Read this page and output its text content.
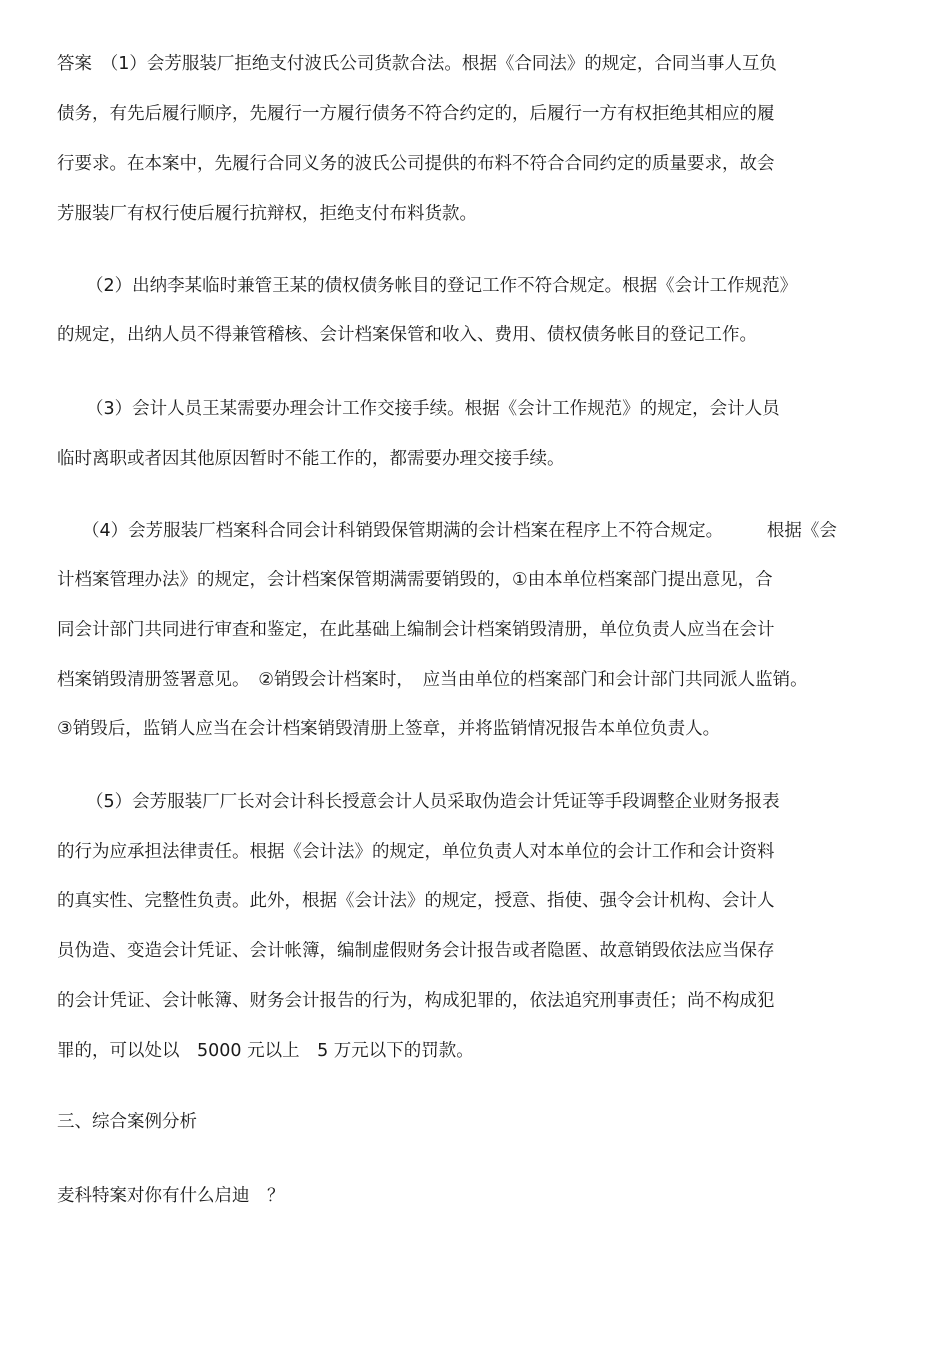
答案　（1）会芳服装厂拒绝支付波氏公司货款合法。根据《合同法》的规定，合同当事人互负

债务，有先后履行顺序，先履行一方履行债务不符合约定的，后履行一方有权拒绝其相应的履

行要求。在本案中，先履行合同义务的波氏公司提供的布料不符合合同约定的质量要求，故会

芳服装厂有权行使后履行抗辩权，拒绝支付布料货款。

（2）出纳李某临时兼管王某的债权债务帐目的登记工作不符合规定。根据《会计工作规范》

的规定，出纳人员不得兼管稽核、会计档案保管和收入、费用、债权债务帐目的登记工作。

（3）会计人员王某需要办理会计工作交接手续。根据《会计工作规范》的规定，会计人员

临时离职或者因其他原因暂时不能工作的，都需要办理交接手续。

（4）会芳服装厂档案科合同会计科销毁保管期满的会计档案在程序上不符合规定。　　　根据《会

计档案管理办法》的规定，会计档案保管期满需要销毁的，①由本单位档案部门提出意见，合

同会计部门共同进行审查和鉴定，在此基础上编制会计档案销毁清册，单位负责人应当在会计

档案销毁清册签署意见。　②销毁会计档案时，　应当由单位的档案部门和会计部门共同派人监销。

③销毁后，监销人应当在会计档案销毁清册上签章，并将监销情况报告本单位负责人。

（5）会芳服装厂厂长对会计科长授意会计人员采取伪造会计凭证等手段调整企业财务报表

的行为应承担法律责任。根据《会计法》的规定，单位负责人对本单位的会计工作和会计资料

的真实性、完整性负责。此外，根据《会计法》的规定，授意、指使、强令会计机构、会计人

员伪造、变造会计凭证、会计帐簿，编制虚假财务会计报告或者隐匿、故意销毁依法应当保存

的会计凭证、会计帐簿、财务会计报告的行为，构成犯罪的，依法追究刑事责任；尚不构成犯

罪的，可以处以　5000 元以上　5 万元以下的罚款。

三、综合案例分析

麦科特案对你有什么启迪　？
